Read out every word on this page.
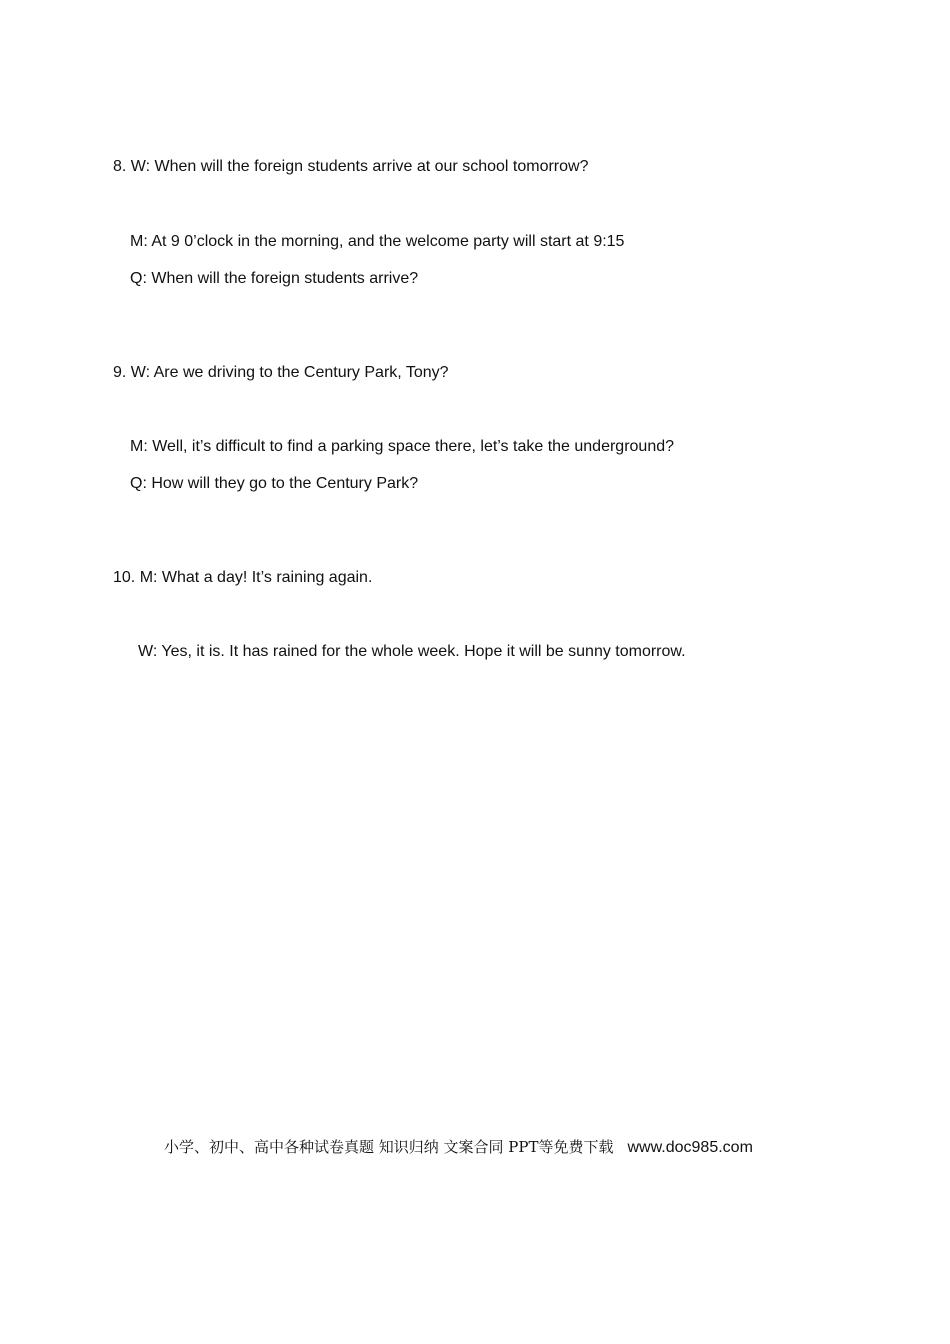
8. W: When will the foreign students arrive at our school tomorrow?
M: At 9 0’clock in the morning, and the welcome party will start at 9:15
Q: When will the foreign students arrive?
9. W: Are we driving to the Century Park, Tony?
M: Well, it’s difficult to find a parking space there, let’s take the underground?
Q: How will they go to the Century Park?
10. M: What a day! It’s raining again.
W: Yes, it is. It has rained for the whole week. Hope it will be sunny tomorrow.
小学、初中、高中各种试卷真题 知识归纳 文案合同 PPT等免费下载 www.doc985.com
